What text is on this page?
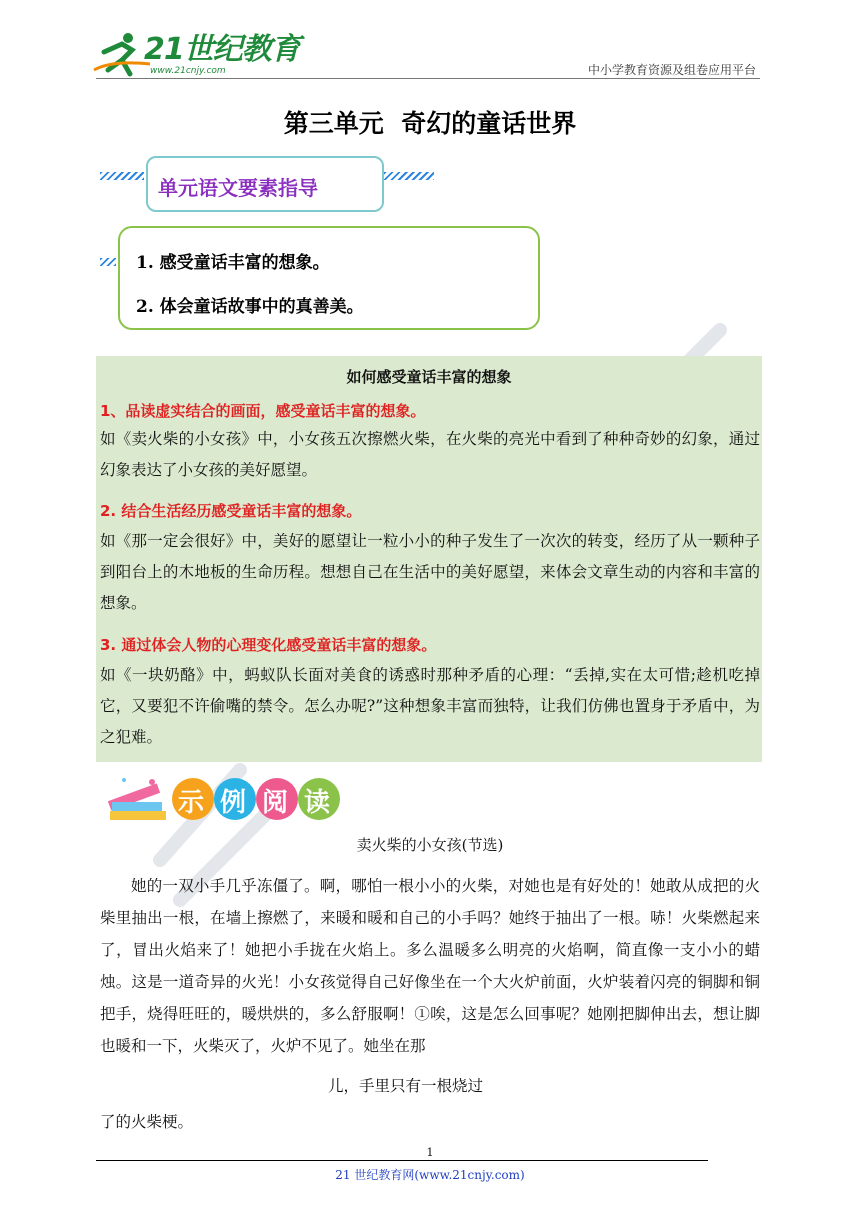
21世纪教育
www.21cnjy.com	中小学教育资源及组卷应用平台
第三单元  奇幻的童话世界
单元语文要素指导
1. 感受童话丰富的想象。
2. 体会童话故事中的真善美。
如何感受童话丰富的想象
1、品读虚实结合的画面，感受童话丰富的想象。
如《卖火柴的小女孩》中，小女孩五次擦燃火柴，在火柴的亮光中看到了种种奇妙的幻象，通过幻象表达了小女孩的美好愿望。
2. 结合生活经历感受童话丰富的想象。
如《那一定会很好》中，美好的愿望让一粒小小的种子发生了一次次的转变，经历了从一颗种子到阳台上的木地板的生命历程。想想自己在生活中的美好愿望，来体会文章生动的内容和丰富的想象。
3. 通过体会人物的心理变化感受童话丰富的想象。
如《一块奶酪》中，蚂蚁队长面对美食的诱惑时那种矛盾的心理：“丢掉,实在太可惜;趁机吃掉它，又要犯不许偷嘴的禁令。怎么办呢?”这种想象丰富而独特，让我们仿佛也置身于矛盾中，为之犯难。
示例阅读
卖火柴的小女孩(节选)
她的一双小手几乎冻僵了。啊，哪怕一根小小的火柴，对她也是有好处的！她敢从成把的火柴里抽出一根，在墙上擦燃了，来暖和暖和自己的小手吗？她终于抽出了一根。哧！火柴燃起来了，冒出火焰来了！她把小手拢在火焰上。多么温暖多么明亮的火焰啊，简直像一支小小的蜡烛。这是一道奇异的火光！小女孩觉得自己好像坐在一个大火炉前面，火炉装着闪亮的铜脚和铜把手，烧得旺旺的，暖烘烘的，多么舒服啊！①唉，这是怎么回事呢？她刚把脚伸出去，想让脚也暖和一下，火柴灭了，火炉不见了。她坐在那
儿，手里只有一根烧过
了的火柴梗。
1
21 世纪教育网(www.21cnjy.com)
